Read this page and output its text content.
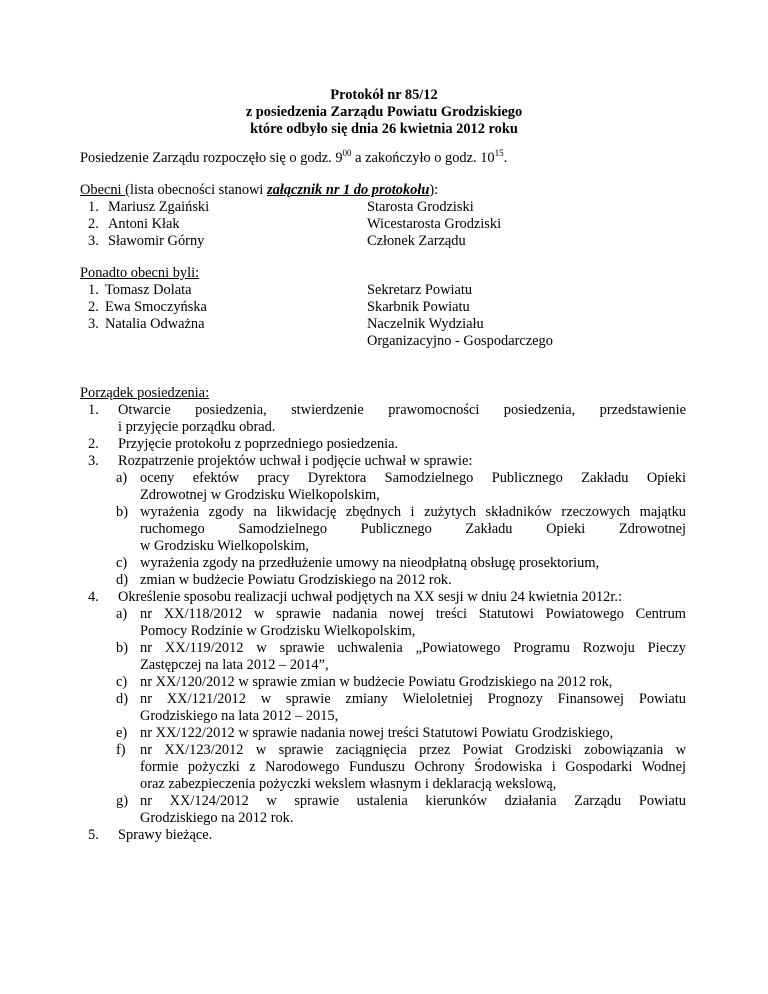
Protokół nr 85/12
z posiedzenia Zarządu Powiatu Grodziskiego
które odbyło się dnia 26 kwietnia 2012 roku
Posiedzenie Zarządu rozpoczęło się o godz. $9^{00}$ a zakończyło o godz. $10^{15}$.
Obecni (lista obecności stanowi załącznik nr 1 do protokołu):
1. Mariusz Zgaiński	Starosta Grodziski
2. Antoni Kłak	Wicestarosta Grodziski
3. Sławomir Górny	Członek Zarządu
Ponadto obecni byli:
1. Tomasz Dolata	Sekretarz Powiatu
2. Ewa Smoczyńska	Skarbnik Powiatu
3. Natalia Odważna	Naczelnik Wydziału
Organizacyjno - Gospodarczego
Porządek posiedzenia:
1. Otwarcie posiedzenia, stwierdzenie prawomocności posiedzenia, przedstawienie
i przyjęcie porządku obrad.
2. Przyjęcie protokołu z poprzedniego posiedzenia.
3. Rozpatrzenie projektów uchwał i podjęcie uchwał w sprawie:
a) oceny efektów pracy Dyrektora Samodzielnego Publicznego Zakładu Opieki
Zdrowotnej w Grodzisku Wielkopolskim,
b) wyrażenia zgody na likwidację zbędnych i zużytych składników rzeczowych majątku
ruchomego Samodzielnego Publicznego Zakładu Opieki Zdrowotnej
w Grodzisku Wielkopolskim,
c) wyrażenia zgody na przedłużenie umowy na nieodpłatną obsługę prosektorium,
d) zmian w budżecie Powiatu Grodziskiego na 2012 rok.
4. Określenie sposobu realizacji uchwał podjętych na XX sesji w dniu 24 kwietnia 2012r.:
a) nr XX/118/2012 w sprawie nadania nowej treści Statutowi Powiatowego Centrum
Pomocy Rodzinie w Grodzisku Wielkopolskim,
b) nr XX/119/2012 w sprawie uchwalenia „Powiatowego Programu Rozwoju Pieczy
Zastępczej na lata 2012 – 2014”,
c) nr XX/120/2012 w sprawie zmian w budżecie Powiatu Grodziskiego na 2012 rok,
d) nr XX/121/2012 w sprawie zmiany Wieloletniej Prognozy Finansowej Powiatu
Grodziskiego na lata 2012 – 2015,
e) nr XX/122/2012 w sprawie nadania nowej treści Statutowi Powiatu Grodziskiego,
f) nr XX/123/2012 w sprawie zaciągnięcia przez Powiat Grodziski zobowiązania w
formie pożyczki z Narodowego Funduszu Ochrony Środowiska i Gospodarki Wodnej
oraz zabezpieczenia pożyczki wekslem własnym i deklaracją wekslową,
g) nr XX/124/2012 w sprawie ustalenia kierunków działania Zarządu Powiatu
Grodziskiego na 2012 rok.
5. Sprawy bieżące.
